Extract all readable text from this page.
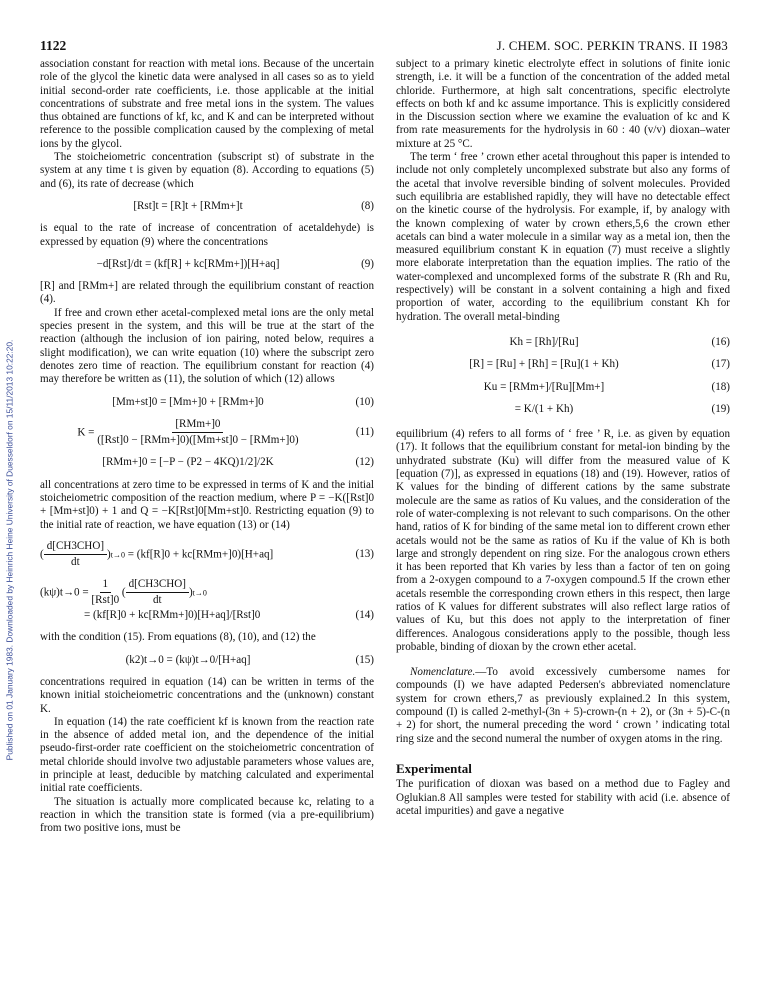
1122	J. CHEM. SOC. PERKIN TRANS. II 1983
Published on 01 January 1983. Downloaded by Heinrich Heine University of Duesseldorf on 15/11/2013 10:22:20.

association constant for reaction with metal ions. Because of the uncertain role of the glycol the kinetic data were analysed in all cases so as to yield initial second-order rate coefficients, i.e. those applicable at the initial concentrations of substrate and free metal ions in the system. The values thus obtained are functions of kf, kc, and K and can be interpreted without reference to the possible complication caused by the complexing of metal ions by the glycol.

The stoicheiometric concentration (subscript st) of substrate in the system at any time t is given by equation (8). According to equations (5) and (6), its rate of decrease (which

[Rst]t = [R]t + [RMm+]t	(8)

is equal to the rate of increase of concentration of acetaldehyde) is expressed by equation (9) where the concentrations

−d[Rst]/dt = (kf[R] + kc[RMm+])[H+aq]	(9)

[R] and [RMm+] are related through the equilibrium constant of reaction (4).

If free and crown ether acetal-complexed metal ions are the only metal species present in the system, and this will be true at the start of the reaction (although the inclusion of ion pairing, noted below, requires a slight modification), we can write equation (10) where the subscript zero denotes zero time of reaction. The equilibrium constant for reaction (4) may therefore be written as (11), the solution of which (12) allows

[Mm+st]0 = [Mm+]0 + [RMm+]0	(10)
K =
[RMm+]0
([Rst]0 − [RMm+]0)([Mm+st]0 − [RMm+]0)
(11)
[RMm+]0 = [−P − (P2 − 4KQ)1/2]/2K	(12)

all concentrations at zero time to be expressed in terms of K and the initial stoicheiometric composition of the reaction medium, where P = −K([Rst]0 + [Mm+st]0) + 1 and Q = −K[Rst]0[Mm+st]0. Restricting equation (9) to the initial rate of reaction, we have equation (13) or (14)

(
d[CH3CHO]
dt
)t→0 = (kf[R]0 + kc[RMm+]0)[H+aq]	(13)
(kψ)t→0 =
1
[Rst]0
(
d[CH3CHO]
dt
)t→0
= (kf[R]0 + kc[RMm+]0)[H+aq]/[Rst]0	(14)

with the condition (15). From equations (8), (10), and (12) the

(k2)t→0 = (kψ)t→0/[H+aq]	(15)

concentrations required in equation (14) can be written in terms of the known initial stoicheiometric concentrations and the (unknown) constant K.

In equation (14) the rate coefficient kf is known from the reaction rate in the absence of added metal ion, and the dependence of the initial pseudo-first-order rate coefficient on the stoicheiometric concentration of metal chloride should involve two adjustable parameters whose values are, in principle at least, deducible by matching calculated and experimental initial rate coefficients.

The situation is actually more complicated because kc, relating to a reaction in which the transition state is formed (via a pre-equilibrium) from two positive ions, must be

subject to a primary kinetic electrolyte effect in solutions of finite ionic strength, i.e. it will be a function of the concentration of the added metal chloride. Furthermore, at high salt concentrations, specific electrolyte effects on both kf and kc assume importance. This is explicitly considered in the Discussion section where we examine the evaluation of kc and K from rate measurements for the hydrolysis in 60 : 40 (v/v) dioxan–water mixture at 25 °C.

The term ‘ free ’ crown ether acetal throughout this paper is intended to include not only completely uncomplexed substrate but also any forms of the acetal that involve reversible binding of solvent molecules. Provided such equilibria are established rapidly, they will have no detectable effect on the kinetic course of the hydrolysis. For example, if, by analogy with the known complexing of water by crown ethers,5,6 the crown ether acetals can bind a water molecule in a similar way as a metal ion, then the measured equilibrium constant K in equation (7) must receive a slightly more elaborate interpretation than the equation implies. The ratio of the water-complexed and uncomplexed forms of the substrate R (Rh and Ru, respectively) will be constant in a solvent containing a high and fixed proportion of water, according to the equilibrium constant Kh for hydration. The overall metal-binding

Kh = [Rh]/[Ru]	(16)
[R] = [Ru] + [Rh] = [Ru](1 + Kh)	(17)
Ku = [RMm+]/[Ru][Mm+]	(18)
= K/(1 + Kh)	(19)

equilibrium (4) refers to all forms of ‘ free ’ R, i.e. as given by equation (17). It follows that the equilibrium constant for metal-ion binding by the unhydrated substrate (Ku) will differ from the measured value of K [equation (7)], as expressed in equations (18) and (19). However, ratios of K values for the binding of different cations by the same substrate molecule are the same as ratios of Ku values, and the consideration of the role of water-complexing is not relevant to such comparisons. On the other hand, ratios of K for binding of the same metal ion to different crown ether acetals would not be the same as ratios of Ku if the value of Kh is both large and strongly dependent on ring size. For the analogous crown ethers it has been reported that Kh varies by less than a factor of ten on going from a 2-oxygen compound to a 7-oxygen compound.5 If the crown ether acetals resemble the corresponding crown ethers in this respect, then large ratios of K values for different substrates will also reflect large ratios of values of Ku, but this does not apply to the interpretation of finer differences. Analogous considerations apply to the possible, though less probable, binding of dioxan by the crown ether acetal.

Nomenclature.—To avoid excessively cumbersome names for compounds (I) we have adapted Pedersen's abbreviated nomenclature system for crown ethers,7 as previously explained.2 In this system, compound (I) is called 2-methyl-(3n + 5)-crown-(n + 2), or (3n + 5)-C-(n + 2) for short, the numeral preceding the word ‘ crown ’ indicating total ring size and the second numeral the number of oxygen atoms in the ring.

Experimental

The purification of dioxan was based on a method due to Fagley and Oglukian.8 All samples were tested for stability with acid (i.e. absence of acetal impurities) and gave a negative
